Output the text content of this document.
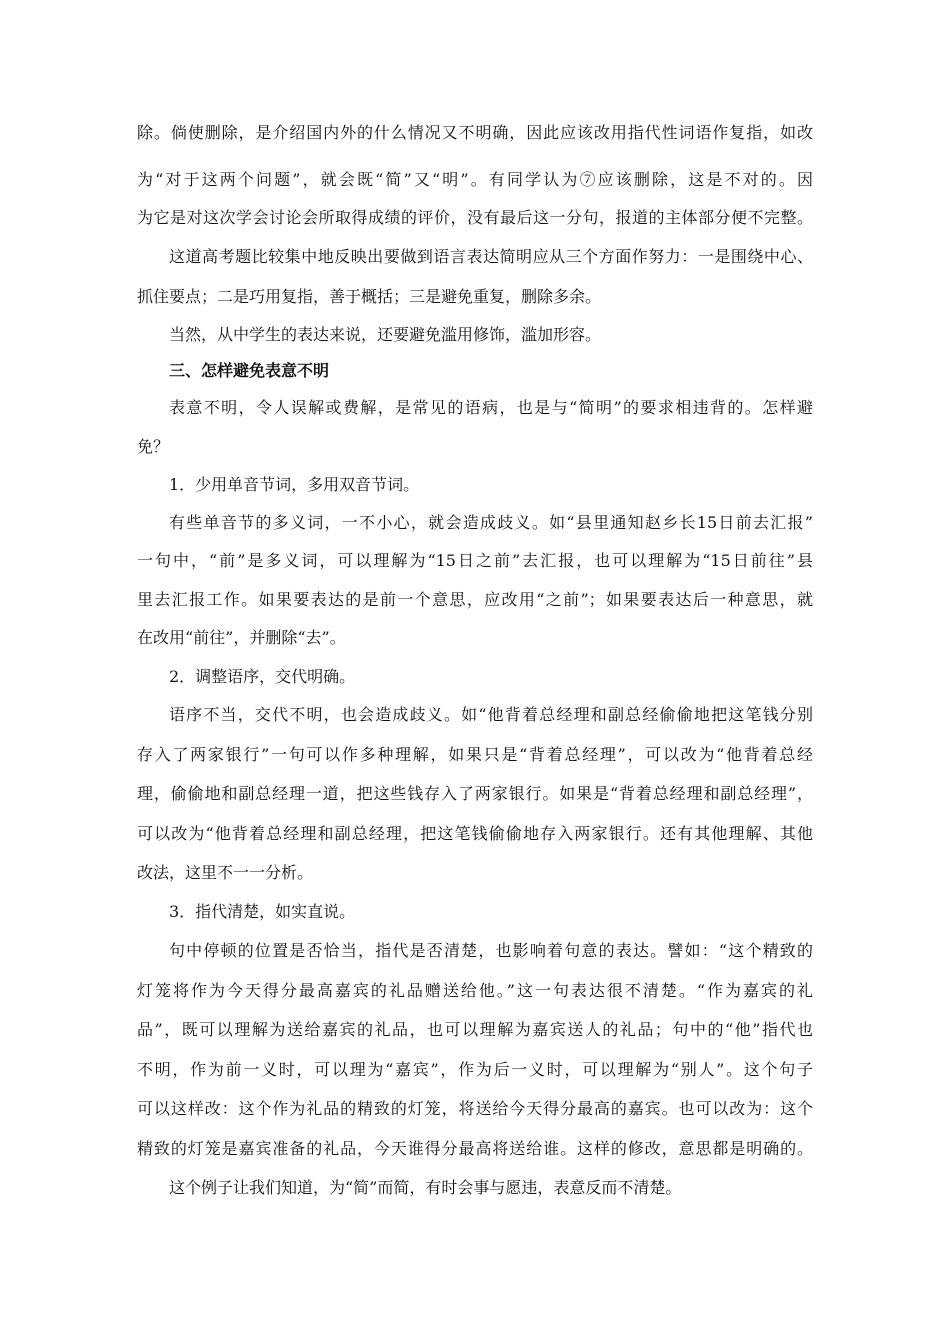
除。倘使删除，是介绍国内外的什么情况又不明确，因此应该改用指代性词语作复指，如改
为“对于这两个问题”，就会既“简”又“明”。有同学认为⑦应该删除，这是不对的。因
为它是对这次学会讨论会所取得成绩的评价，没有最后这一分句，报道的主体部分便不完整。
这道高考题比较集中地反映出要做到语言表达简明应从三个方面作努力：一是围绕中心、
抓住要点；二是巧用复指，善于概括；三是避免重复，删除多余。
当然，从中学生的表达来说，还要避免滥用修饰，滥加形容。
三、怎样避免表意不明
表意不明，令人误解或费解，是常见的语病，也是与“简明”的要求相违背的。怎样避
免？
1．少用单音节词，多用双音节词。
有些单音节的多义词，一不小心，就会造成歧义。如“县里通知赵乡长15日前去汇报”
一句中，“前”是多义词，可以理解为“15日之前”去汇报，也可以理解为“15日前往”县
里去汇报工作。如果要表达的是前一个意思，应改用“之前”；如果要表达后一种意思，就
在改用“前往”，并删除“去”。
2．调整语序，交代明确。
语序不当，交代不明，也会造成歧义。如“他背着总经理和副总经偷偷地把这笔钱分别
存入了两家银行”一句可以作多种理解，如果只是“背着总经理”，可以改为“他背着总经
理，偷偷地和副总经理一道，把这些钱存入了两家银行。如果是“背着总经理和副总经理”，
可以改为“他背着总经理和副总经理，把这笔钱偷偷地存入两家银行。还有其他理解、其他
改法，这里不一一分析。
3．指代清楚，如实直说。
句中停顿的位置是否恰当，指代是否清楚，也影响着句意的表达。譬如：“这个精致的
灯笼将作为今天得分最高嘉宾的礼品赠送给他。”这一句表达很不清楚。“作为嘉宾的礼
品”，既可以理解为送给嘉宾的礼品，也可以理解为嘉宾送人的礼品；句中的“他”指代也
不明，作为前一义时，可以理为“嘉宾”，作为后一义时，可以理解为“别人”。这个句子
可以这样改：这个作为礼品的精致的灯笼，将送给今天得分最高的嘉宾。也可以改为：这个
精致的灯笼是嘉宾准备的礼品，今天谁得分最高将送给谁。这样的修改，意思都是明确的。
这个例子让我们知道，为“简”而简，有时会事与愿违，表意反而不清楚。
